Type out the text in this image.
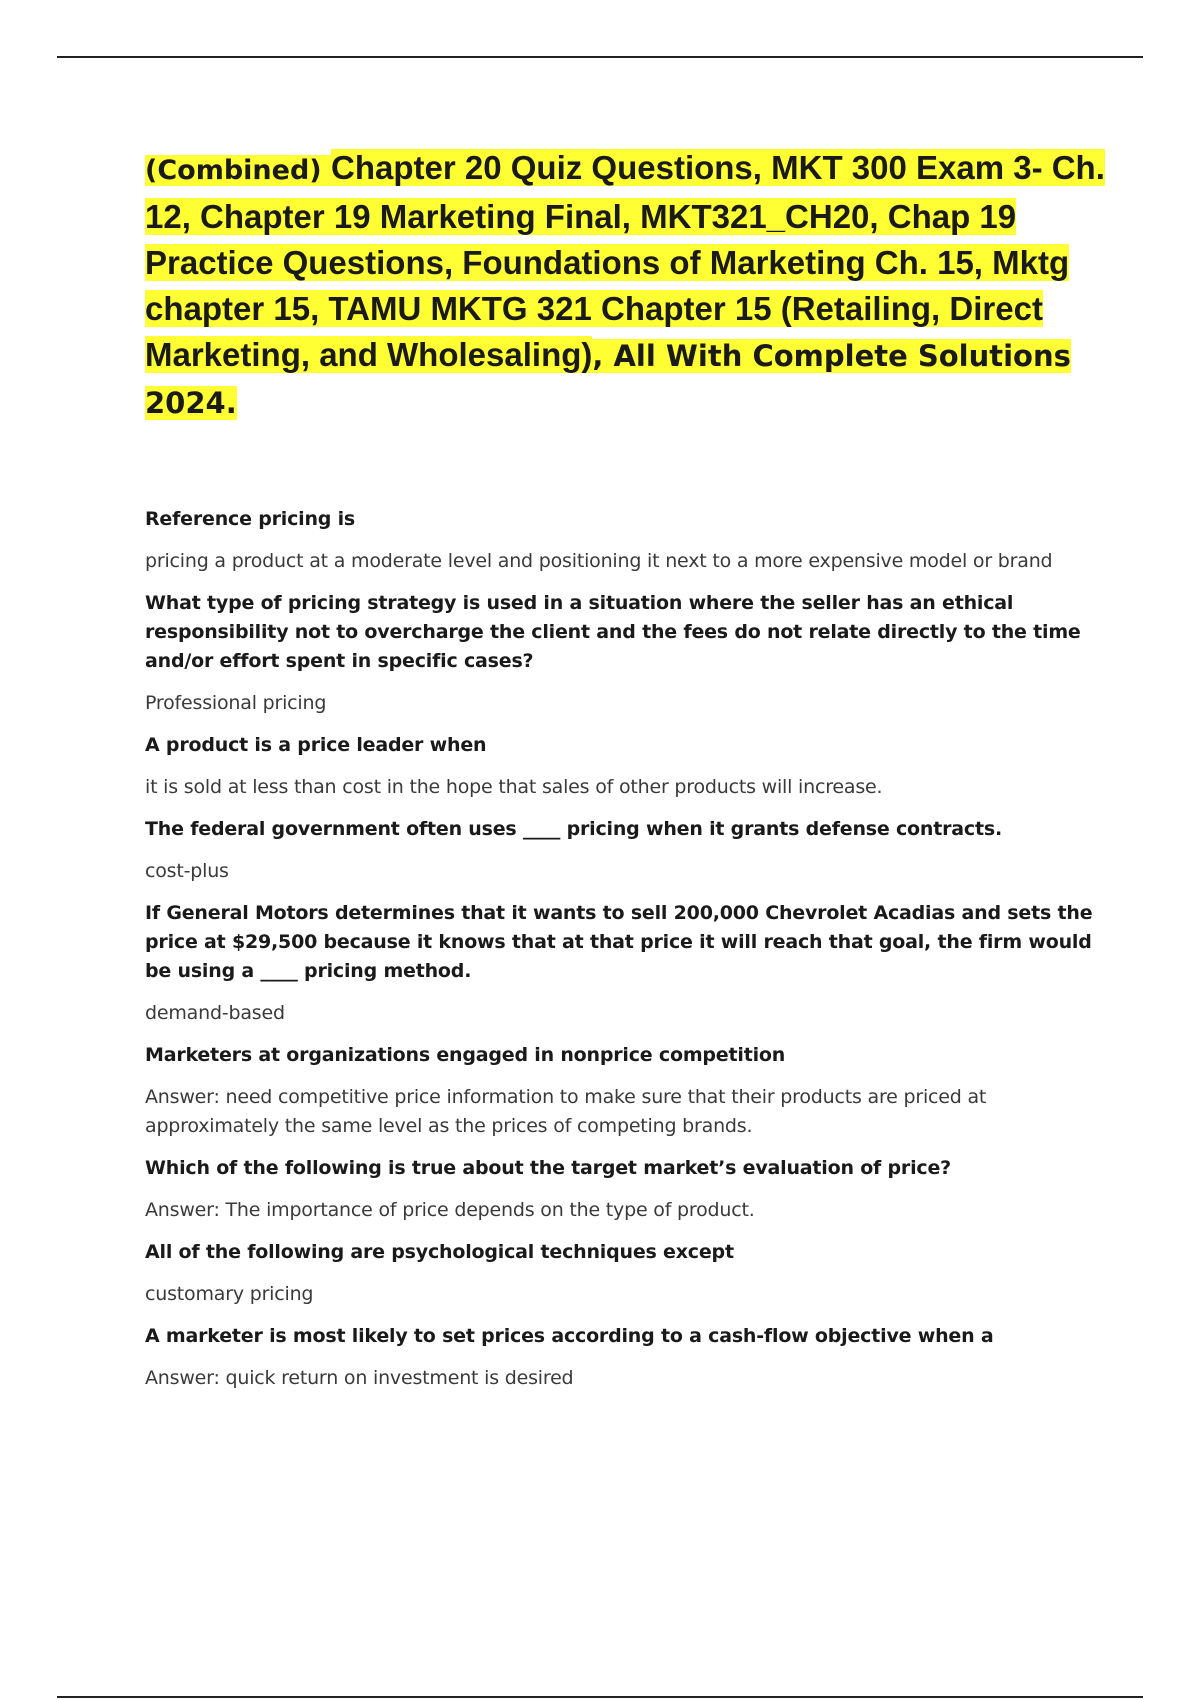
(Combined) Chapter 20 Quiz Questions, MKT 300 Exam 3- Ch. 12, Chapter 19 Marketing Final, MKT321_CH20, Chap 19 Practice Questions, Foundations of Marketing Ch. 15, Mktg chapter 15, TAMU MKTG 321 Chapter 15 (Retailing, Direct Marketing, and Wholesaling), All With Complete Solutions 2024.

Reference pricing is

pricing a product at a moderate level and positioning it next to a more expensive model or brand

What type of pricing strategy is used in a situation where the seller has an ethical responsibility not to overcharge the client and the fees do not relate directly to the time and/or effort spent in specific cases?

Professional pricing

A product is a price leader when

it is sold at less than cost in the hope that sales of other products will increase.

The federal government often uses ____ pricing when it grants defense contracts.

cost-plus

If General Motors determines that it wants to sell 200,000 Chevrolet Acadias and sets the price at $29,500 because it knows that at that price it will reach that goal, the firm would be using a ____ pricing method.

demand-based

Marketers at organizations engaged in nonprice competition

Answer: need competitive price information to make sure that their products are priced at approximately the same level as the prices of competing brands.

Which of the following is true about the target market’s evaluation of price?

Answer: The importance of price depends on the type of product.

All of the following are psychological techniques except

customary pricing

A marketer is most likely to set prices according to a cash-flow objective when a

Answer: quick return on investment is desired
